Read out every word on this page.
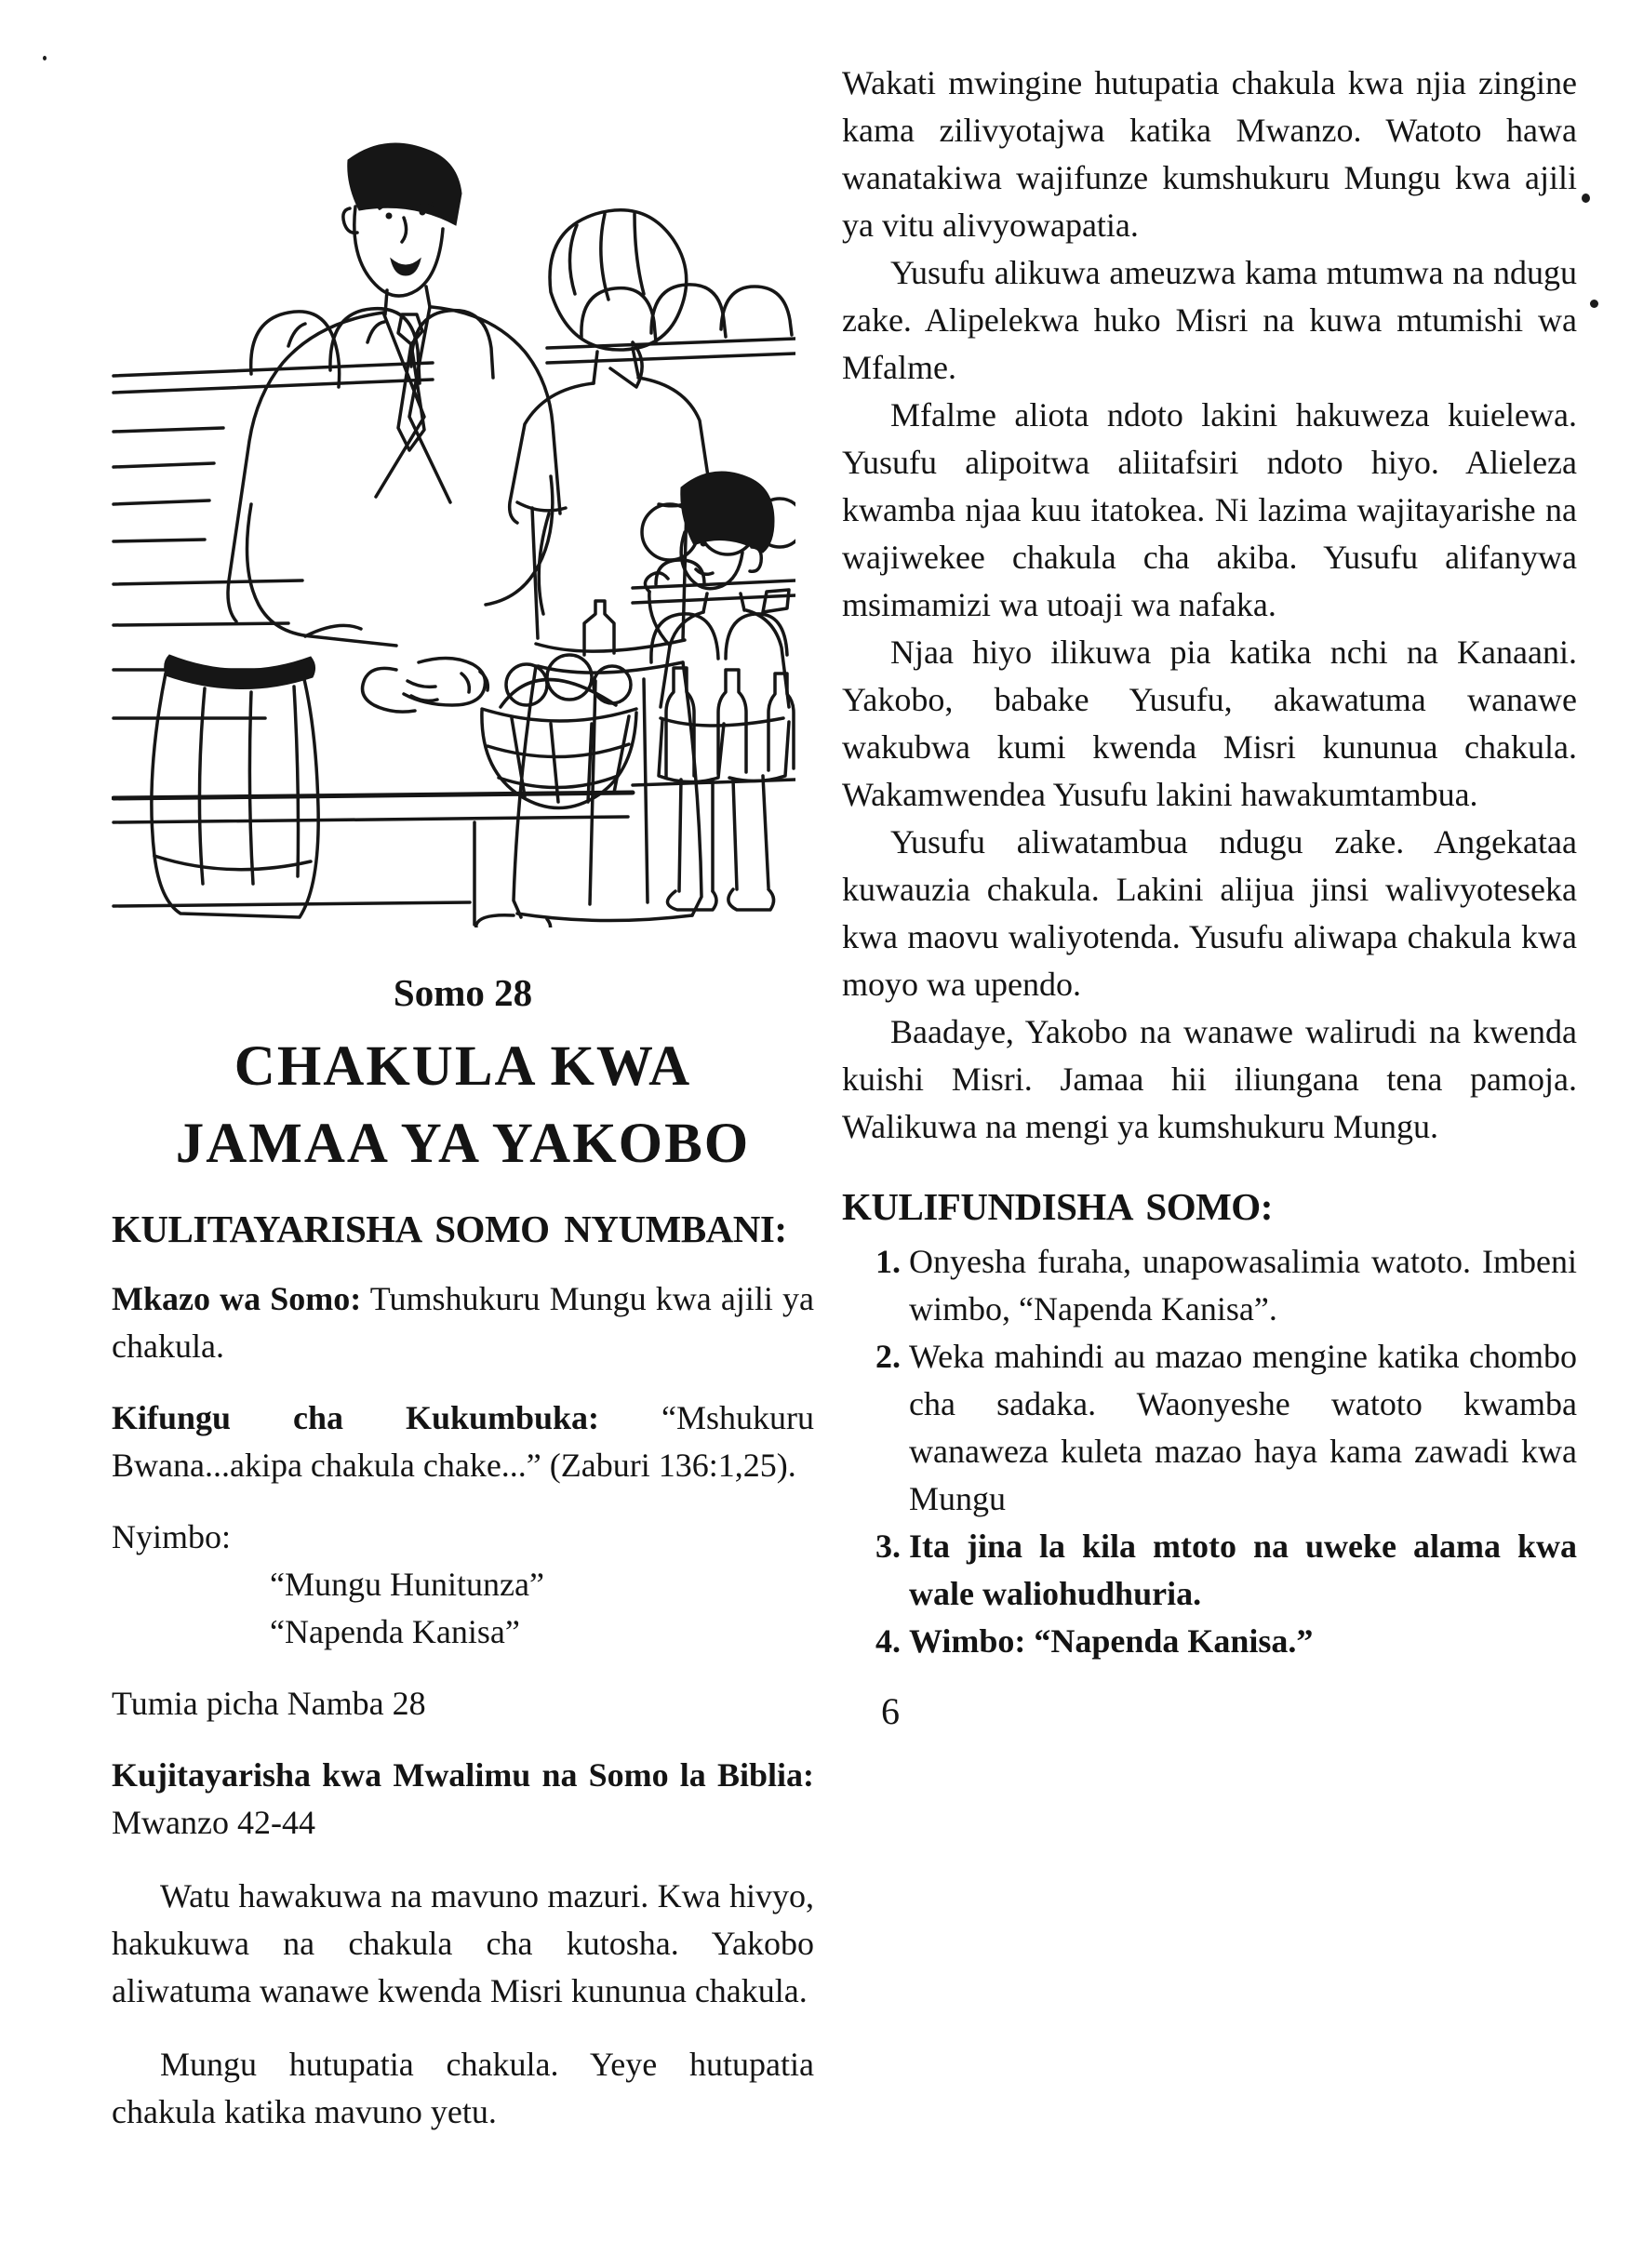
Somo 28
CHAKULA KWA
JAMAA YA YAKOBO
KULITAYARISHA SOMO NYUMBANI:

Mkazo wa Somo: Tumshukuru Mungu kwa ajili ya chakula.

Kifungu cha Kukumbuka: “Mshukuru Bwana...akipa chakula chake...” (Zaburi 136:1,25).

Nyimbo:

“Mungu Hunitunza”
“Napenda Kanisa”

Tumia picha Namba 28

Kujitayarisha kwa Mwalimu na Somo la Biblia: Mwanzo 42-44

Watu hawakuwa na mavuno mazuri. Kwa hivyo, hakukuwa na chakula cha kutosha. Yakobo aliwatuma wanawe kwenda Misri kununua chakula.

Mungu hutupatia chakula. Yeye hutupatia chakula katika mavuno yetu.

Wakati mwingine hutupatia chakula kwa njia zingine kama zilivyotajwa katika Mwanzo. Watoto hawa wanatakiwa wajifunze kumshukuru Mungu kwa ajili ya vitu alivyowapatia.

Yusufu alikuwa ameuzwa kama mtumwa na ndugu zake. Alipelekwa huko Misri na kuwa mtumishi wa Mfalme.

Mfalme aliota ndoto lakini hakuweza kuielewa. Yusufu alipoitwa aliitafsiri ndoto hiyo. Alieleza kwamba njaa kuu itatokea. Ni lazima wajitayarishe na wajiwekee chakula cha akiba. Yusufu alifanywa msimamizi wa utoaji wa nafaka.

Njaa hiyo ilikuwa pia katika nchi na Kanaani. Yakobo, babake Yusufu, akawatuma wanawe wakubwa kumi kwenda Misri kununua chakula. Wakamwendea Yusufu lakini hawakumtambua.

Yusufu aliwatambua ndugu zake. Angekataa kuwauzia chakula. Lakini alijua jinsi walivyoteseka kwa maovu waliyotenda. Yusufu aliwapa chakula kwa moyo wa upendo.

Baadaye, Yakobo na wanawe walirudi na kwenda kuishi Misri. Jamaa hii iliungana tena pamoja. Walikuwa na mengi ya kumshukuru Mungu.

KULIFUNDISHA SOMO:
1. Onyesha furaha, unapowasalimia watoto. Imbeni wimbo, “Napenda Kanisa”.
2. Weka mahindi au mazao mengine katika chombo cha sadaka. Waonyeshe watoto kwamba wanaweza kuleta mazao haya kama zawadi kwa Mungu
3. Ita jina la kila mtoto na uweke alama kwa wale waliohudhuria.
4. Wimbo: “Napenda Kanisa.”
6
